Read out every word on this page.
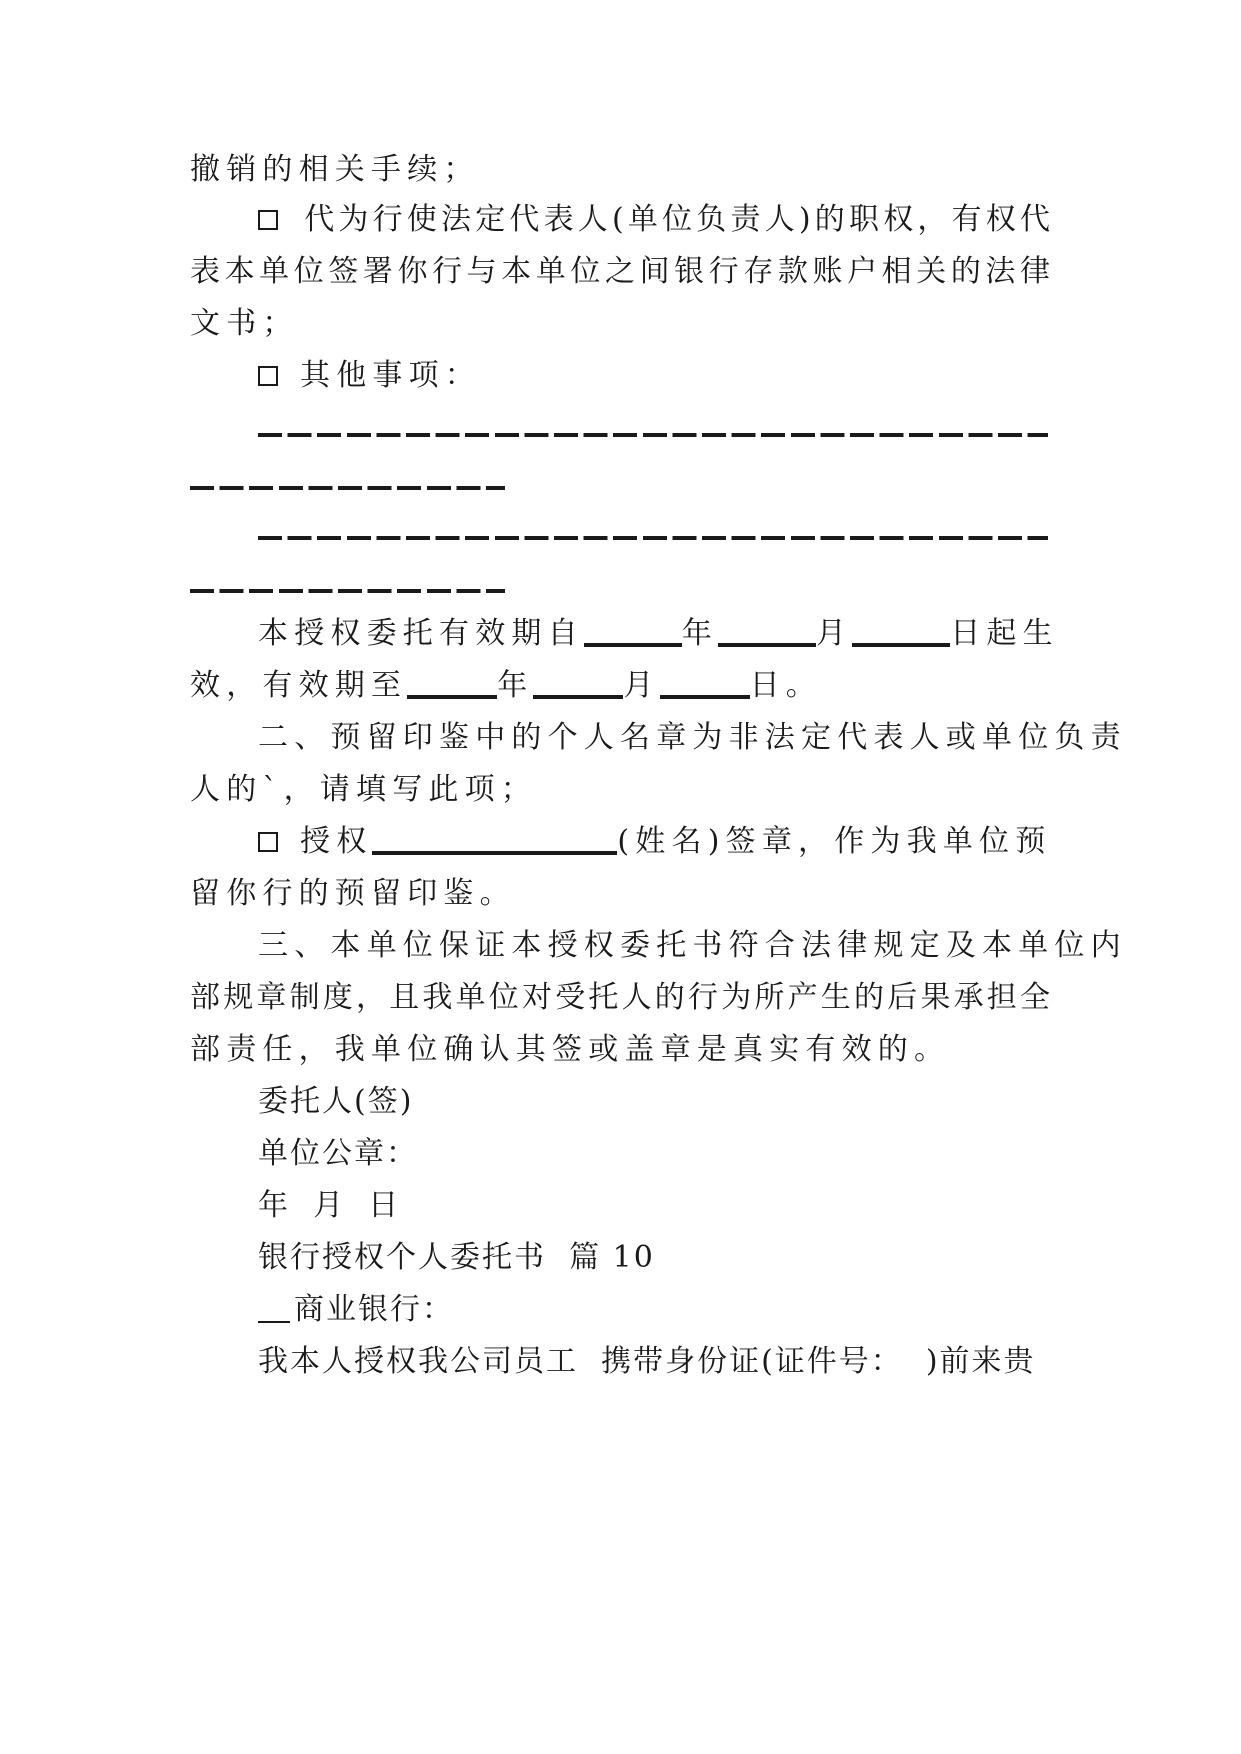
撤销的相关手续；
代为行使法定代表人(单位负责人)的职权，有权代
表本单位签署你行与本单位之间银行存款账户相关的法律
文书；
其他事项：
本授权委托有效期自	年	月	日起生
效，有效期至	年	月	日。
二、预留印鉴中的个人名章为非法定代表人或单位负责
人的`，请填写此项；
授权	(姓名)签章，作为我单位预
留你行的预留印鉴。
三、本单位保证本授权委托书符合法律规定及本单位内
部规章制度，且我单位对受托人的行为所产生的后果承担全
部责任，我单位确认其签或盖章是真实有效的。
委托人(签)
单位公章：
年  月  日
银行授权个人委托书  篇 10
商业银行：
我本人授权我公司员工  携带身份证(证件号：  )前来贵
